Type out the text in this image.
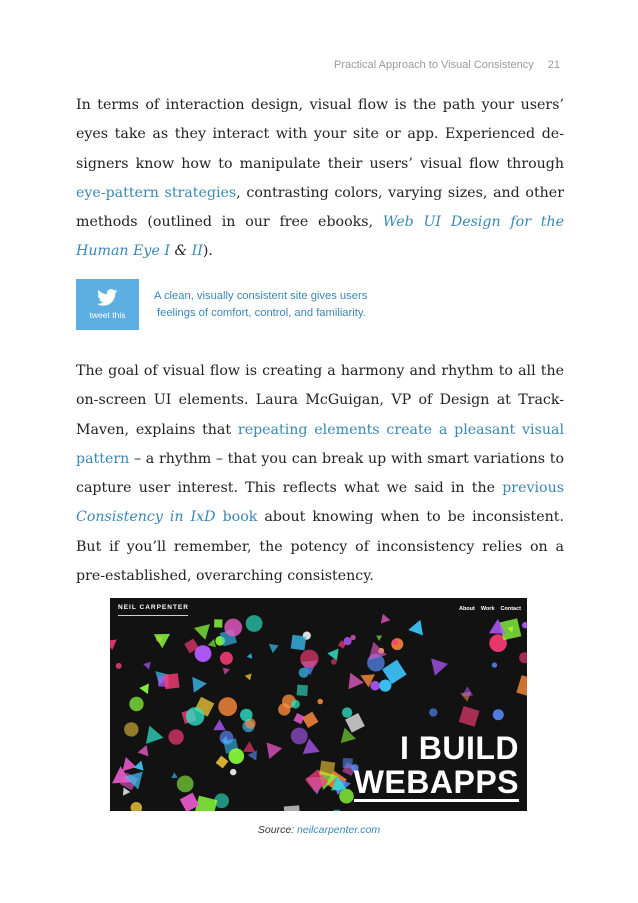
Practical Approach to Visual Consistency 21

In terms of interaction design, visual flow is the path your users’ eyes take as they interact with your site or app. Experienced de-signers know how to manipulate their users’ visual flow through eye-pattern strategies, contrasting colors, varying sizes, and other methods (outlined in our free ebooks, Web UI Design for the Human Eye I & II).

tweet this
A clean, visually consistent site gives users
feelings of comfort, control, and familiarity.

The goal of visual flow is creating a harmony and rhythm to all the on-screen UI elements. Laura McGuigan, VP of Design at Track-Maven, explains that repeating elements create a pleasant visual pattern – a rhythm – that you can break up with smart variations to capture user interest. This reflects what we said in the previous Consistency in IxD book about knowing when to be inconsistent. But if you’ll remember, the potency of inconsistency relies on a pre-established, overarching consistency.

NEIL CARPENTER	About Work Contact
I BUILD
WEBAPPS
Source: neilcarpenter.com
